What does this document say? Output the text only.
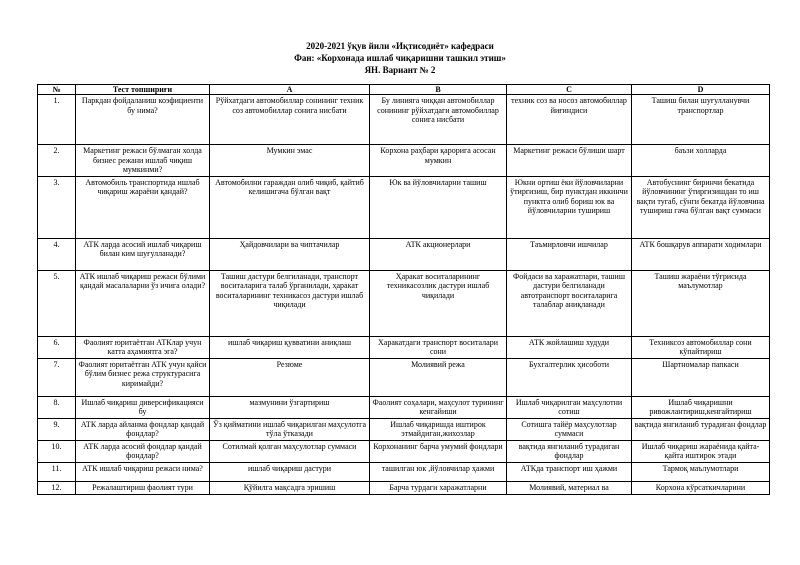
2020-2021 ўқув йили «Иқтисодиёт» кафедраси
Фан: «Корхонада ишлаб чиқаришни ташкил этиш»
ЯН. Вариант № 2
№	Тест топшириғи	A	B	C	D
1.	Паркдан фойдаланиш коэфициенти бу нима?	Рўйхатдаги автомобиллар сонининг техник соз автомобиллар сонига нисбати	Бу линияга чиққан автомобиллар сонининг рўйхатдаги автомобиллар сонига нисбати	техник соз ва носоз автомобиллар йиғиндиси	Ташиш билан шуғулланувчи транспортлар
2.	Маркетинг режаси бўлмаган холда бизнес режани ишлаб чиқиш мумкинми?	Мумкин эмас	Корхона раҳбари қарорига асосан мумкин	Маркетинг режаси бўлиши шарт	баъзи холларда
3.	Автомобиль транспортида ишлаб чиқариш жараёни қандай?	Автомобилни гараждан олиб чиқиб, қайтиб келишигача бўлган вақт	Юк ва йўловчиларни ташиш	Юкни ортиш ёки йўловчиларни ўтиргизиш, бир пунктдан иккинчи пунктга олиб бориш юк ва йўловчиларни тушириш	Автобуснинг биринчи бекатида йўловчининг ўтиргизишдан то иш вақти тугаб, сўнги бекатда йўловчина тушириш гача бўлган вақт суммаси
4.	АТК ларда асосий ишлаб чиқариш билан ким шуғулланади?	Ҳайдовчилари ва чиптачилар	АТК акционерлари	Таъмирловчи ишчилар	АТК бошқарув аппарати ходимлари
5.	АТК ишлаб чиқариш режаси бўлими қандай масалаларни ўз ичига олади?	Ташиш дастури белгиланади, транспорт воситаларига талаб ўрганилади, ҳаракат воситаларининг техникасоз дастури ишлаб чиқилади	Ҳаракат воситаларининг техникасозлик дастури ишлаб чиқилади	Фойдаси ва харажатлари, ташиш дастури белгиланади автотранспорт воситаларига талаблар аниқланади	Ташиш жараёни тўғрисида маълумотлар
6.	Фаолият юритаётган АТКлар учун катта аҳамиятга эга?	ишлаб чиқариш қувватини аниқлаш	Харакатдаги транспорт воситалари сони	АТК жойлашиш худуди	Техниксоз автомобиллар сони кўпайтириш
7.	Фаолият юритаётган АТК учун қайси бўлим бизнес режа структурасига киримайди?	Резюме	Молиявий режа	Бухгалтерлик ҳисоботи	Шартномалар папкаси
8.	Ишлаб чиқариш диверсификацияси бу	мазмунини ўзгартириш	Фаолият соҳалари, маҳсулот турининг кенгайиши	Ишлаб чиқарилган маҳсулотни сотиш	Ишлаб чиқаришни ривожлантириш,кенгайтириш
9.	АТК ларда айланма фондлар қандай фондлар?	Ўз қийматини ишлаб чиқарилган маҳсулотга тўла ўтказади	Ишлаб чиқаришда иштирок этмайдиган,жихозлар	Сотишга тайёр маҳсулотлар суммаси	вақтида янгиланиб турадиган фондлар
10.	АТК ларда асосий фондлар қандай фондлар?	Сотилмай қолган маҳсулотлар суммаси	Корхонанинг барча умумий фондлари	вақтида янгиланиб турадиган фондлар	Ишлаб чиқариш жараёнида қайта-қайта иштирок этади
11.	АТК ишлаб чиқариш режаси нима?	ишлаб чиқариш дастури	ташилган юк ,йўловчилар ҳажми	АТКда транспорт иш ҳажми	Тармоқ маълумотлари
12.	Режалаштириш фаолият тури	Қўйилга мақсадга эришиш	Барча турдаги харажатларни	Молиявий, материал ва	Корхона кўрсаткичларини
